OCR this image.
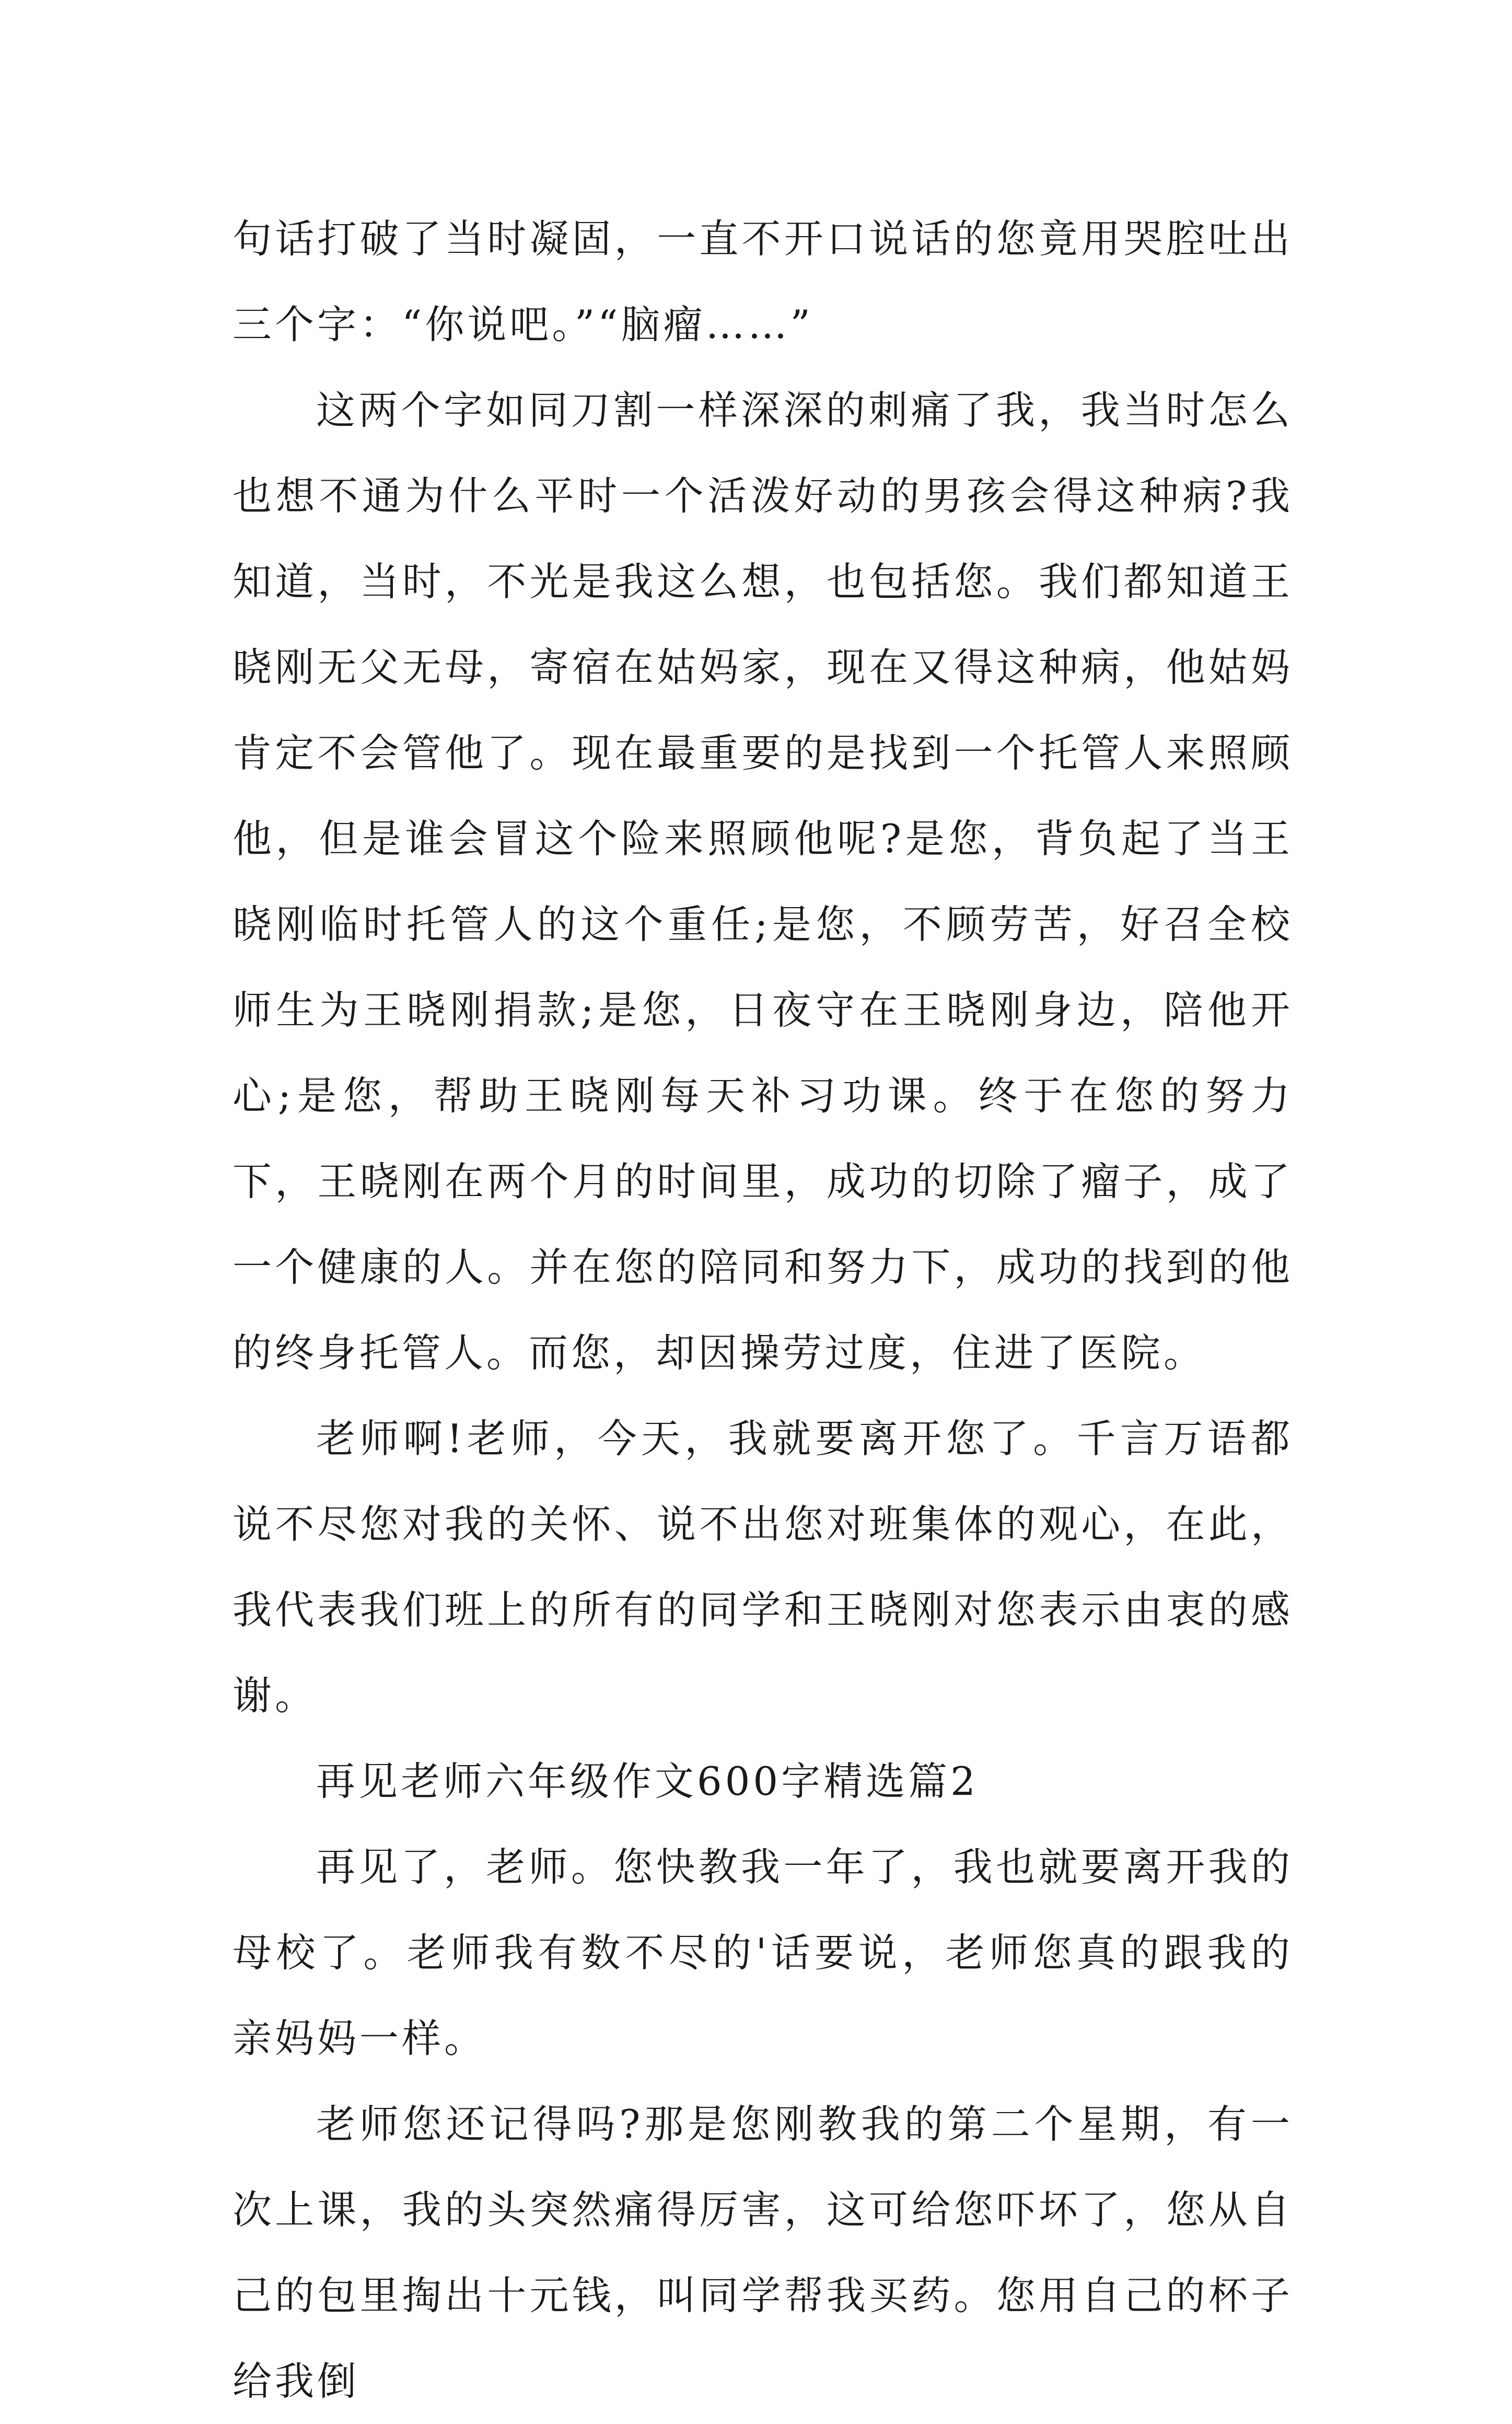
句话打破了当时凝固，一直不开口说话的您竟用哭腔吐出三个字：“你说吧。”“脑瘤……”

这两个字如同刀割一样深深的刺痛了我，我当时怎么也想不通为什么平时一个活泼好动的男孩会得这种病?我知道，当时，不光是我这么想，也包括您。我们都知道王晓刚无父无母，寄宿在姑妈家，现在又得这种病，他姑妈肯定不会管他了。现在最重要的是找到一个托管人来照顾他，但是谁会冒这个险来照顾他呢?是您，背负起了当王晓刚临时托管人的这个重任;是您，不顾劳苦，好召全校师生为王晓刚捐款;是您，日夜守在王晓刚身边，陪他开心;是您，帮助王晓刚每天补习功课。终于在您的努力下，王晓刚在两个月的时间里，成功的切除了瘤子，成了一个健康的人。并在您的陪同和努力下，成功的找到的他的终身托管人。而您，却因操劳过度，住进了医院。

老师啊!老师，今天，我就要离开您了。千言万语都说不尽您对我的关怀、说不出您对班集体的观心，在此，我代表我们班上的所有的同学和王晓刚对您表示由衷的感谢。

再见老师六年级作文600字精选篇2

再见了，老师。您快教我一年了，我也就要离开我的母校了。老师我有数不尽的'话要说，老师您真的跟我的亲妈妈一样。

老师您还记得吗?那是您刚教我的第二个星期，有一次上课，我的头突然痛得厉害，这可给您吓坏了，您从自己的包里掏出十元钱，叫同学帮我买药。您用自己的杯子给我倒
